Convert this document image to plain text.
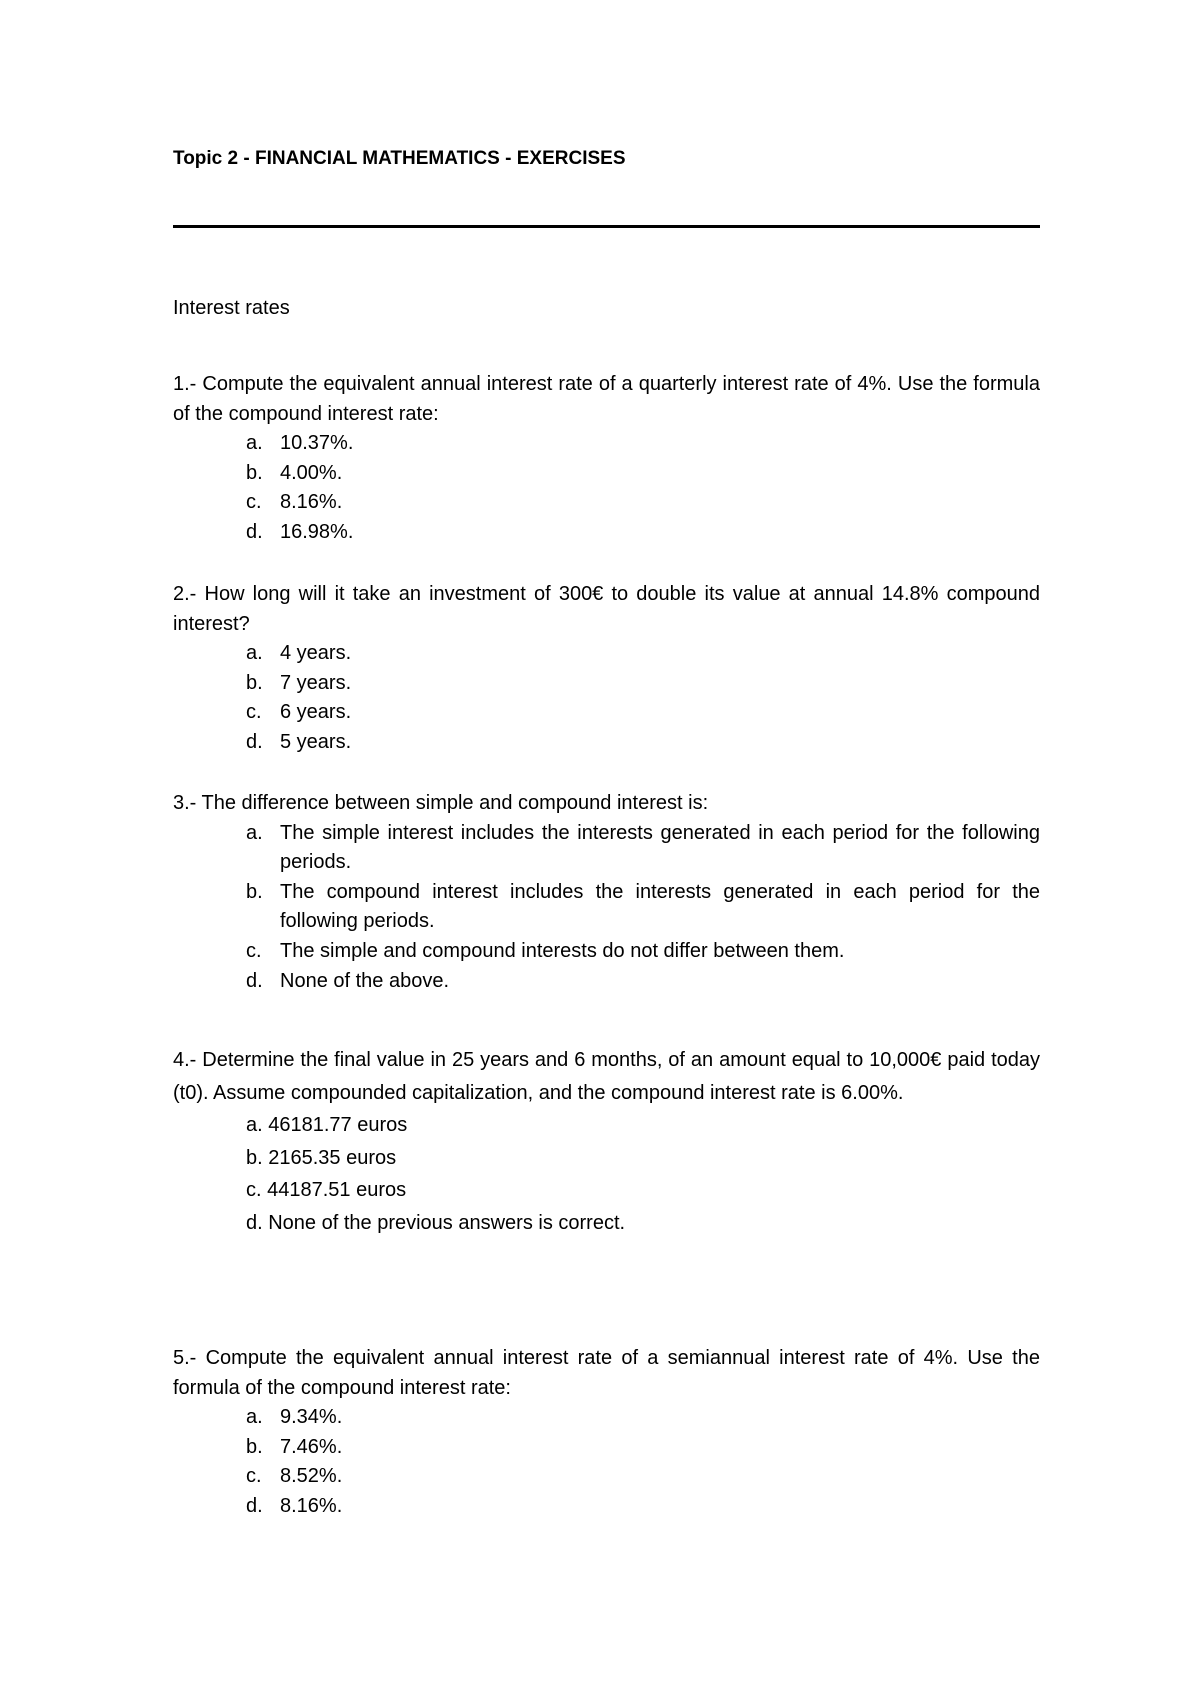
Topic 2 - FINANCIAL MATHEMATICS - EXERCISES

Interest rates

1.- Compute the equivalent annual interest rate of a quarterly interest rate of 4%. Use the formula of the compound interest rate:

a. 10.37%.
b. 4.00%.
c. 8.16%.
d. 16.98%.

2.- How long will it take an investment of 300€ to double its value at annual 14.8% compound interest?

a. 4 years.
b. 7 years.
c. 6 years.
d. 5 years.

3.- The difference between simple and compound interest is:

a. The simple interest includes the interests generated in each period for the following periods.
b. The compound interest includes the interests generated in each period for the following periods.
c. The simple and compound interests do not differ between them.
d. None of the above.

4.- Determine the final value in 25 years and 6 months, of an amount equal to 10,000€ paid today (t0). Assume compounded capitalization, and the compound interest rate is 6.00%.

a. 46181.77 euros
b. 2165.35 euros
c. 44187.51 euros
d. None of the previous answers is correct.

5.- Compute the equivalent annual interest rate of a semiannual interest rate of 4%. Use the formula of the compound interest rate:

a. 9.34%.
b. 7.46%.
c. 8.52%.
d. 8.16%.
